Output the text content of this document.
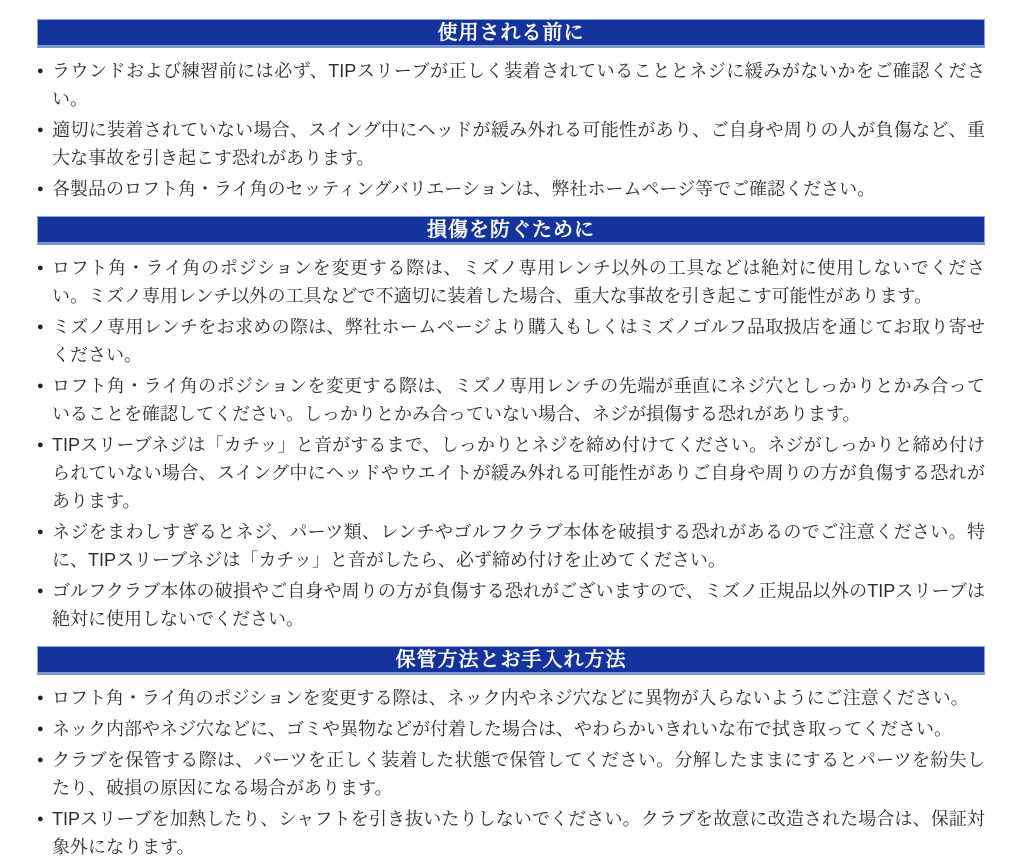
使用される前に
● ラウンドおよび練習前には必ず、TIPスリーブが正しく装着されていることとネジに緩みがないかをご確認ください。
● 適切に装着されていない場合、スイング中にヘッドが緩み外れる可能性があり、ご自身や周りの人が負傷など、重大な事故を引き起こす恐れがあります。
● 各製品のロフト角・ライ角のセッティングバリエーションは、弊社ホームページ等でご確認ください。
損傷を防ぐために
● ロフト角・ライ角のポジションを変更する際は、ミズノ専用レンチ以外の工具などは絶対に使用しないでください。ミズノ専用レンチ以外の工具などで不適切に装着した場合、重大な事故を引き起こす可能性があります。
● ミズノ専用レンチをお求めの際は、弊社ホームページより購入もしくはミズノゴルフ品取扱店を通じてお取り寄せください。
● ロフト角・ライ角のポジションを変更する際は、ミズノ専用レンチの先端が垂直にネジ穴としっかりとかみ合っていることを確認してください。しっかりとかみ合っていない場合、ネジが損傷する恐れがあります。
● TIPスリーブネジは「カチッ」と音がするまで、しっかりとネジを締め付けてください。ネジがしっかりと締め付けられていない場合、スイング中にヘッドやウエイトが緩み外れる可能性がありご自身や周りの方が負傷する恐れがあります。
● ネジをまわしすぎるとネジ、パーツ類、レンチやゴルフクラブ本体を破損する恐れがあるのでご注意ください。特に、TIPスリーブネジは「カチッ」と音がしたら、必ず締め付けを止めてください。
● ゴルフクラブ本体の破損やご自身や周りの方が負傷する恐れがございますので、ミズノ正規品以外のTIPスリーブは絶対に使用しないでください。
保管方法とお手入れ方法
● ロフト角・ライ角のポジションを変更する際は、ネック内やネジ穴などに異物が入らないようにご注意ください。
● ネック内部やネジ穴などに、ゴミや異物などが付着した場合は、やわらかいきれいな布で拭き取ってください。
● クラブを保管する際は、パーツを正しく装着した状態で保管してください。分解したままにするとパーツを紛失したり、破損の原因になる場合があります。
● TIPスリーブを加熱したり、シャフトを引き抜いたりしないでください。クラブを故意に改造された場合は、保証対象外になります。
